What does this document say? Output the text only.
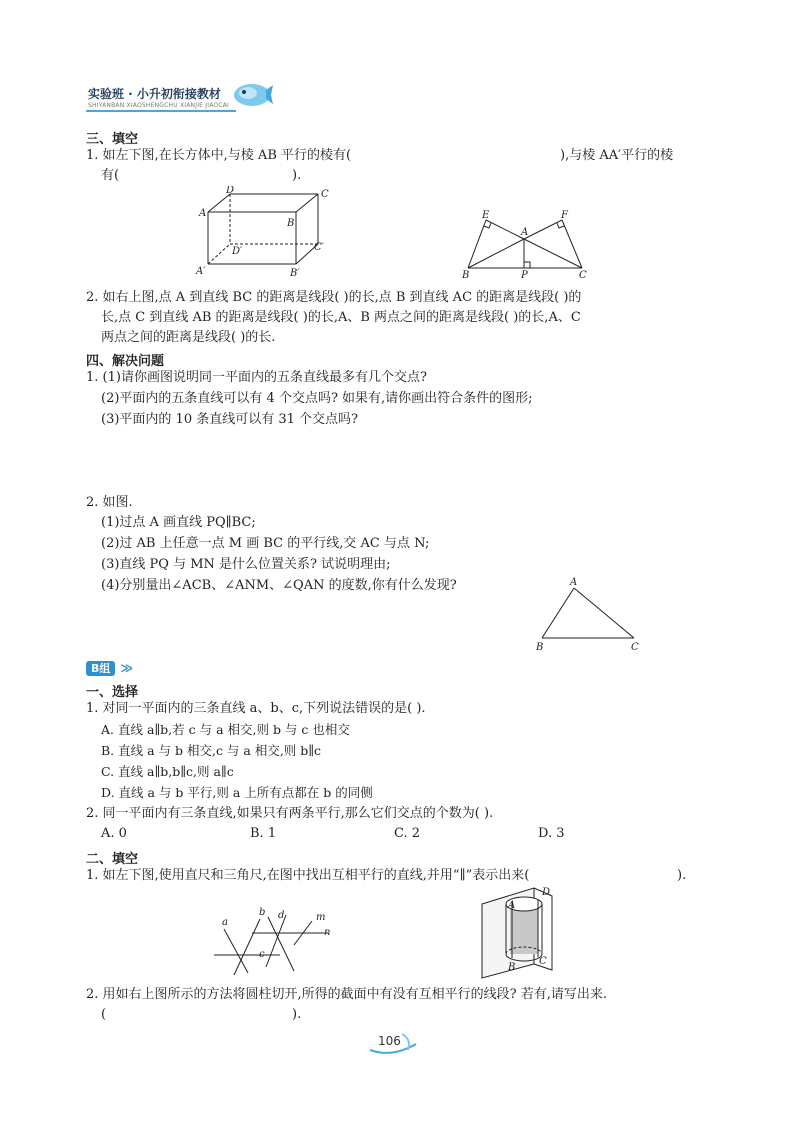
实验班 · 小升初衔接教材
SHIYANBAN XIAOSHENGCHU XIANJIE JIAOCAI
三、填空
1. 如左下图,在长方体中,与棱 AB 平行的棱有(	),与棱 AA′平行的棱
有(	).
D	C
A
B
D′	C′
A′	B′
E	F
A
B	P	C
2. 如右上图,点 A 到直线 BC 的距离是线段( )的长,点 B 到直线 AC 的距离是线段( )的
长,点 C 到直线 AB 的距离是线段( )的长,A、B 两点之间的距离是线段( )的长,A、C
两点之间的距离是线段( )的长.
四、解决问题
1. (1)请你画图说明同一平面内的五条直线最多有几个交点?
(2)平面内的五条直线可以有 4 个交点吗? 如果有,请你画出符合条件的图形;
(3)平面内的 10 条直线可以有 31 个交点吗?
2. 如图.
(1)过点 A 画直线 PQ∥BC;
(2)过 AB 上任意一点 M 画 BC 的平行线,交 AC 与点 N;
(3)直线 PQ 与 MN 是什么位置关系? 试说明理由;
(4)分别量出∠ACB、∠ANM、∠QAN 的度数,你有什么发现?	A
B	C
B组 ≫
一、选择
1. 对同一平面内的三条直线 a、b、c,下列说法错误的是( ).
A. 直线 a∥b,若 c 与 a 相交,则 b 与 c 也相交
B. 直线 a 与 b 相交,c 与 a 相交,则 b∥c
C. 直线 a∥b,b∥c,则 a∥c
D. 直线 a 与 b 平行,则 a 上所有点都在 b 的同侧
2. 同一平面内有三条直线,如果只有两条平行,那么它们交点的个数为( ).
A. 0	B. 1	C. 2	D. 3
二、填空
1. 如左下图,使用直尺和三角尺,在图中找出互相平行的直线,并用“∥”表示出来(	).
a
b d	m
n
c
D
A
C
B
2. 用如右上图所示的方法将圆柱切开,所得的截面中有没有互相平行的线段? 若有,请写出来.
(	).
106
